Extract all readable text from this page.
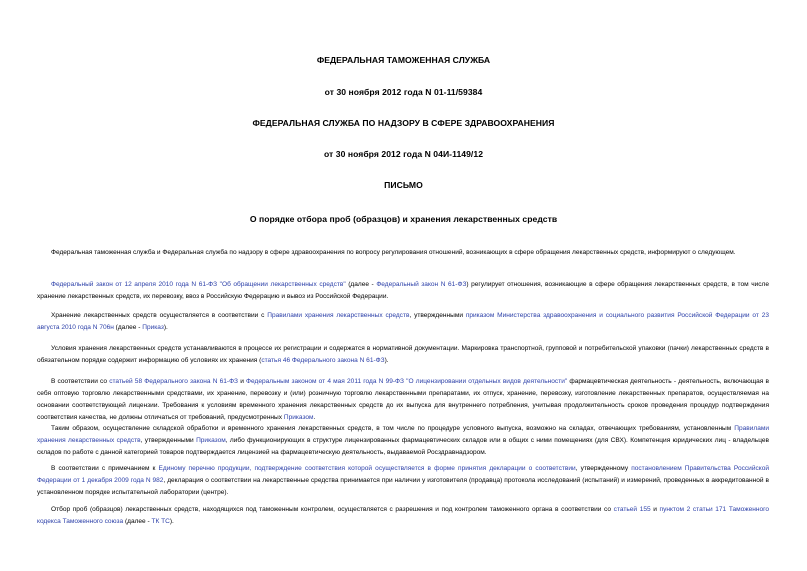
ФЕДЕРАЛЬНАЯ ТАМОЖЕННАЯ СЛУЖБА
от 30 ноября 2012 года N 01-11/59384
ФЕДЕРАЛЬНАЯ СЛУЖБА ПО НАДЗОРУ В СФЕРЕ ЗДРАВООХРАНЕНИЯ
от 30 ноября 2012 года N 04И-1149/12
ПИСЬМО
О порядке отбора проб (образцов) и хранения лекарственных средств
Федеральная таможенная служба и Федеральная служба по надзору в сфере здравоохранения по вопросу регулирования отношений, возникающих в сфере обращения лекарственных средств, информируют о следующем.
Федеральный закон от 12 апреля 2010 года N 61-ФЗ "Об обращении лекарственных средств" (далее - Федеральный закон N 61-ФЗ) регулирует отношения, возникающие в сфере обращения лекарственных средств, в том числе хранение лекарственных средств, их перевозку, ввоз в Российскую Федерацию и вывоз из Российской Федерации.
Хранение лекарственных средств осуществляется в соответствии с Правилами хранения лекарственных средств, утвержденными приказом Министерства здравоохранения и социального развития Российской Федерации от 23 августа 2010 года N 706н (далее - Приказ).
Условия хранения лекарственных средств устанавливаются в процессе их регистрации и содержатся в нормативной документации. Маркировка транспортной, групповой и потребительской упаковки (пачки) лекарственных средств в обязательном порядке содержит информацию об условиях их хранения (статья 46 Федерального закона N 61-ФЗ).
В соответствии со статьей 58 Федерального закона N 61-ФЗ и Федеральным законом от 4 мая 2011 года N 99-ФЗ "О лицензировании отдельных видов деятельности" фармацевтическая деятельность - деятельность, включающая в себя оптовую торговлю лекарственными средствами, их хранение, перевозку и (или) розничную торговлю лекарственными препаратами, их отпуск, хранение, перевозку, изготовление лекарственных препаратов, осуществляемая на основании соответствующей лицензии. Требования к условиям временного хранения лекарственных средств до их выпуска для внутреннего потребления, учитывая продолжительность сроков проведения процедур подтверждения соответствия качества, не должны отличаться от требований, предусмотренных Приказом.
Таким образом, осуществление складской обработки и временного хранения лекарственных средств, в том числе по процедуре условного выпуска, возможно на складах, отвечающих требованиям, установленным Правилами хранения лекарственных средств, утвержденными Приказом, либо функционирующих в структуре лицензированных фармацевтических складов или в общих с ними помещениях (для СВХ). Компетенция юридических лиц - владельцев складов по работе с данной категорией товаров подтверждается лицензией на фармацевтическую деятельность, выдаваемой Росздравнадзором.
В соответствии с примечанием к Единому перечню продукции, подтверждение соответствия которой осуществляется в форме принятия декларации о соответствии, утвержденному постановлением Правительства Российской Федерации от 1 декабря 2009 года N 982, декларация о соответствии на лекарственные средства принимается при наличии у изготовителя (продавца) протокола исследований (испытаний) и измерений, проведенных в аккредитованной в установленном порядке испытательной лаборатории (центре).
Отбор проб (образцов) лекарственных средств, находящихся под таможенным контролем, осуществляется с разрешения и под контролем таможенного органа в соответствии со статьей 155 и пунктом 2 статьи 171 Таможенного кодекса Таможенного союза (далее - ТК ТС).
